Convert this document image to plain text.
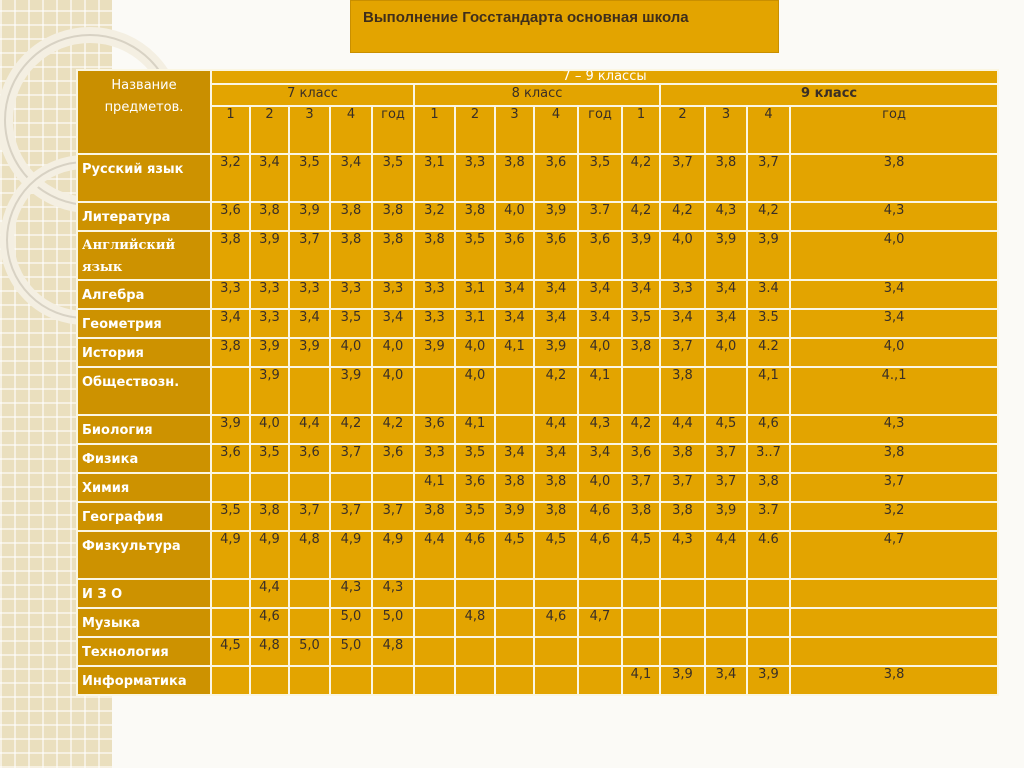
Выполнение Госстандарта основная школа
Название предметов.	7 – 9 классы														
	7 класс					8 класс						9 класс			
	1	2	3	4	год	1	2	3	4	год	1	2	3	4	год
Русский язык	3,2	3,4	3,5	3,4	3,5	3,1	3,3	3,8	3,6	3,5	4,2	3,7	3,8	3,7	3,8
Литература	3,6	3,8	3,9	3,8	3,8	3,2	3,8	4,0	3,9	3.7	4,2	4,2	4,3	4,2	4,3
Английский язык	3,8	3,9	3,7	3,8	3,8	3,8	3,5	3,6	3,6	3,6	3,9	4,0	3,9	3,9	4,0
Алгебра	3,3	3,3	3,3	3,3	3,3	3,3	3,1	3,4	3,4	3,4	3,4	3,3	3,4	3.4	3,4
Геометрия	3,4	3,3	3,4	3,5	3,4	3,3	3,1	3,4	3,4	3.4	3,5	3,4	3,4	3.5	3,4
История	3,8	3,9	3,9	4,0	4,0	3,9	4,0	4,1	3,9	4,0	3,8	3,7	4,0	4.2	4,0
Обществозн.		3,9		3,9	4,0		4,0		4,2	4,1		3,8		4,1	4.,1
Биология	3,9	4,0	4,4	4,2	4,2	3,6	4,1		4,4	4,3	4,2	4,4	4,5	4,6	4,3
Физика	3,6	3,5	3,6	3,7	3,6	3,3	3,5	3,4	3,4	3,4	3,6	3,8	3,7	3..7	3,8
Химия						4,1	3,6	3,8	3,8	4,0	3,7	3,7	3,7	3,8	3,7
География	3,5	3,8	3,7	3,7	3,7	3,8	3,5	3,9	3,8	4,6	3,8	3,8	3,9	3.7	3,2
Физкультура	4,9	4,9	4,8	4,9	4,9	4,4	4,6	4,5	4,5	4,6	4,5	4,3	4,4	4.6	4,7
И З О		4,4		4,3	4,3										
Музыка		4,6		5,0	5,0		4,8		4,6	4,7					
Технология	4,5	4,8	5,0	5,0	4,8										
Информатика											4,1	3,9	3,4	3,9	3,8
